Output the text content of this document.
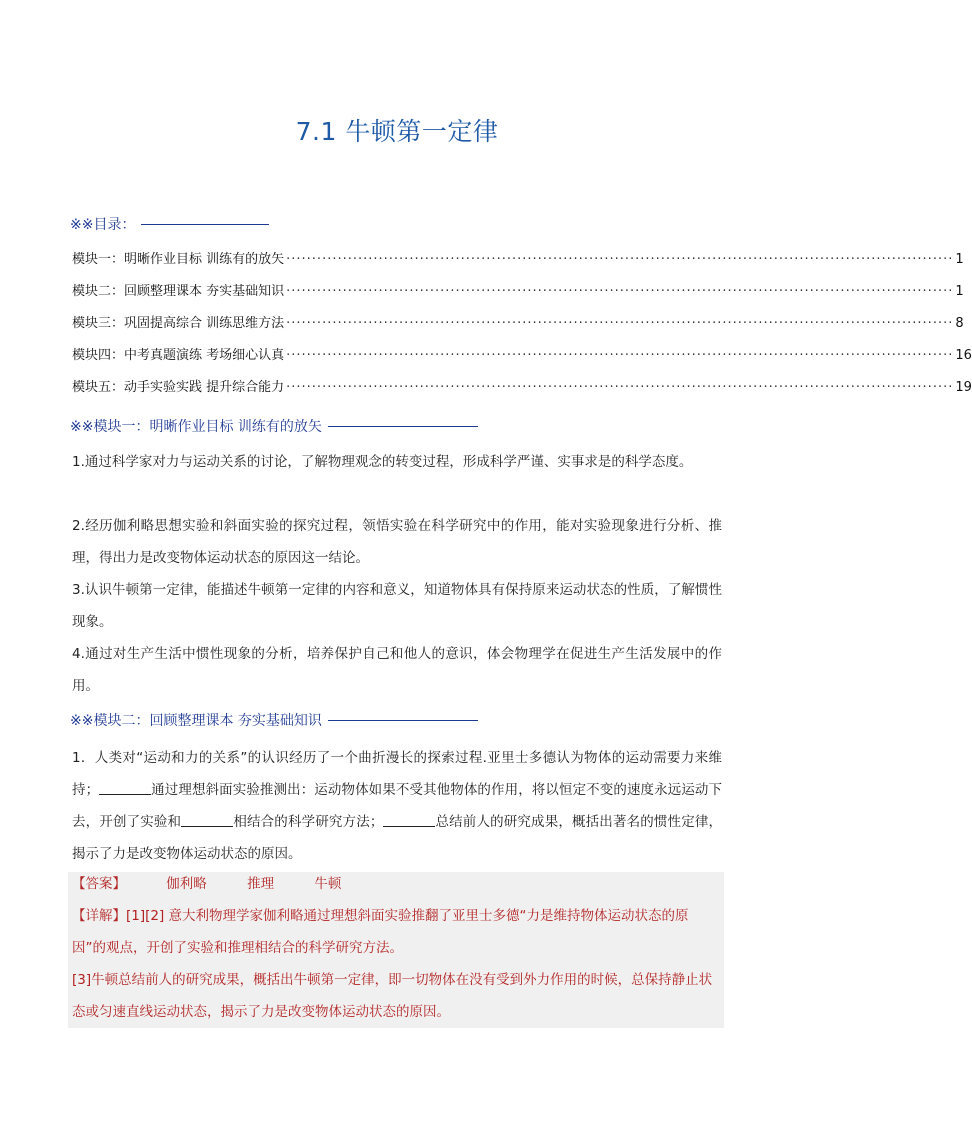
7.1 牛顿第一定律
※※目录：
模块一：明晰作业目标 训练有的放矢 ·································································································································· 1
模块二：回顾整理课本 夯实基础知识 ·································································································································· 1
模块三：巩固提高综合 训练思维方法 ·································································································································· 8
模块四：中考真题演练 考场细心认真 ·································································································································· 16
模块五：动手实验实践 提升综合能力 ·································································································································· 19
※※模块一：明晰作业目标 训练有的放矢
1.通过科学家对力与运动关系的讨论，了解物理观念的转变过程，形成科学严谨、实事求是的科学态度。
2.经历伽利略思想实验和斜面实验的探究过程，领悟实验在科学研究中的作用，能对实验现象进行分析、推理，得出力是改变物体运动状态的原因这一结论。
3.认识牛顿第一定律，能描述牛顿第一定律的内容和意义，知道物体具有保持原来运动状态的性质，了解惯性现象。
4.通过对生产生活中惯性现象的分析，培养保护自己和他人的意识，体会物理学在促进生产生活发展中的作用。
※※模块二：回顾整理课本 夯实基础知识
1．人类对“运动和力的关系”的认识经历了一个曲折漫长的探索过程.亚里士多德认为物体的运动需要力来维持；	通过理想斜面实验推测出：运动物体如果不受其他物体的作用，将以恒定不变的速度永远运动下去，开创了实验和	相结合的科学研究方法；	总结前人的研究成果，概括出著名的惯性定律，揭示了力是改变物体运动状态的原因。
【答案】	伽利略	推理	牛顿
【详解】[1][2] 意大利物理学家伽利略通过理想斜面实验推翻了亚里士多德“力是维持物体运动状态的原因”的观点，开创了实验和推理相结合的科学研究方法。
[3]牛顿总结前人的研究成果，概括出牛顿第一定律，即一切物体在没有受到外力作用的时候，总保持静止状态或匀速直线运动状态，揭示了力是改变物体运动状态的原因。
